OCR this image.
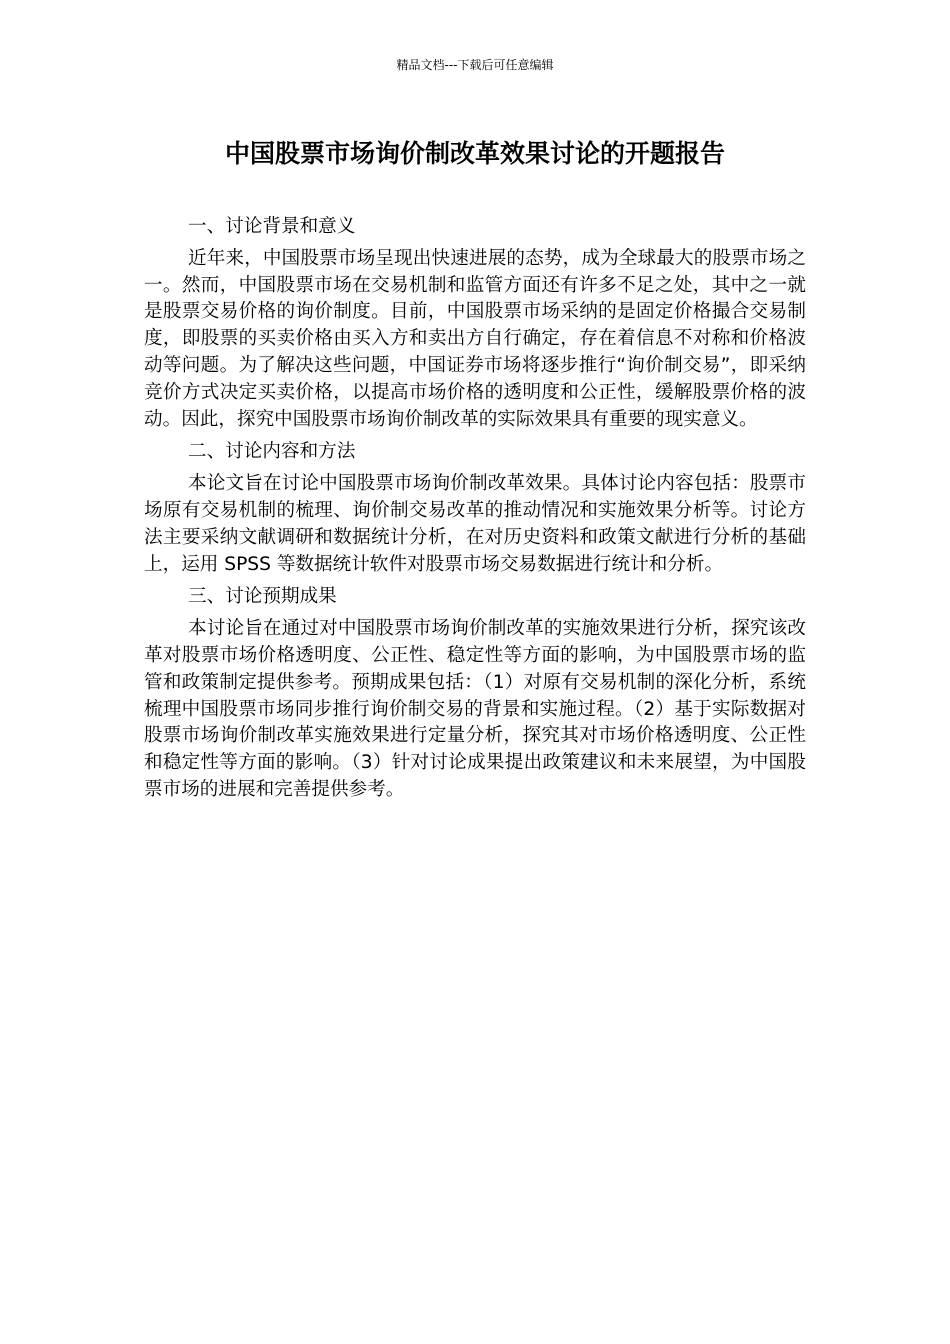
精品文档---下载后可任意编辑
中国股票市场询价制改革效果讨论的开题报告

一、讨论背景和意义

近年来，中国股票市场呈现出快速进展的态势，成为全球最大的股票市场之一。然而，中国股票市场在交易机制和监管方面还有许多不足之处，其中之一就是股票交易价格的询价制度。目前，中国股票市场采纳的是固定价格撮合交易制度，即股票的买卖价格由买入方和卖出方自行确定，存在着信息不对称和价格波动等问题。为了解决这些问题，中国证券市场将逐步推行“询价制交易”，即采纳竞价方式决定买卖价格，以提高市场价格的透明度和公正性，缓解股票价格的波动。因此，探究中国股票市场询价制改革的实际效果具有重要的现实意义。

二、讨论内容和方法

本论文旨在讨论中国股票市场询价制改革效果。具体讨论内容包括：股票市场原有交易机制的梳理、询价制交易改革的推动情况和实施效果分析等。讨论方法主要采纳文献调研和数据统计分析，在对历史资料和政策文献进行分析的基础上，运用 SPSS 等数据统计软件对股票市场交易数据进行统计和分析。

三、讨论预期成果

本讨论旨在通过对中国股票市场询价制改革的实施效果进行分析，探究该改革对股票市场价格透明度、公正性、稳定性等方面的影响，为中国股票市场的监管和政策制定提供参考。预期成果包括：（1）对原有交易机制的深化分析，系统梳理中国股票市场同步推行询价制交易的背景和实施过程。（2）基于实际数据对股票市场询价制改革实施效果进行定量分析，探究其对市场价格透明度、公正性和稳定性等方面的影响。（3）针对讨论成果提出政策建议和未来展望，为中国股票市场的进展和完善提供参考。
